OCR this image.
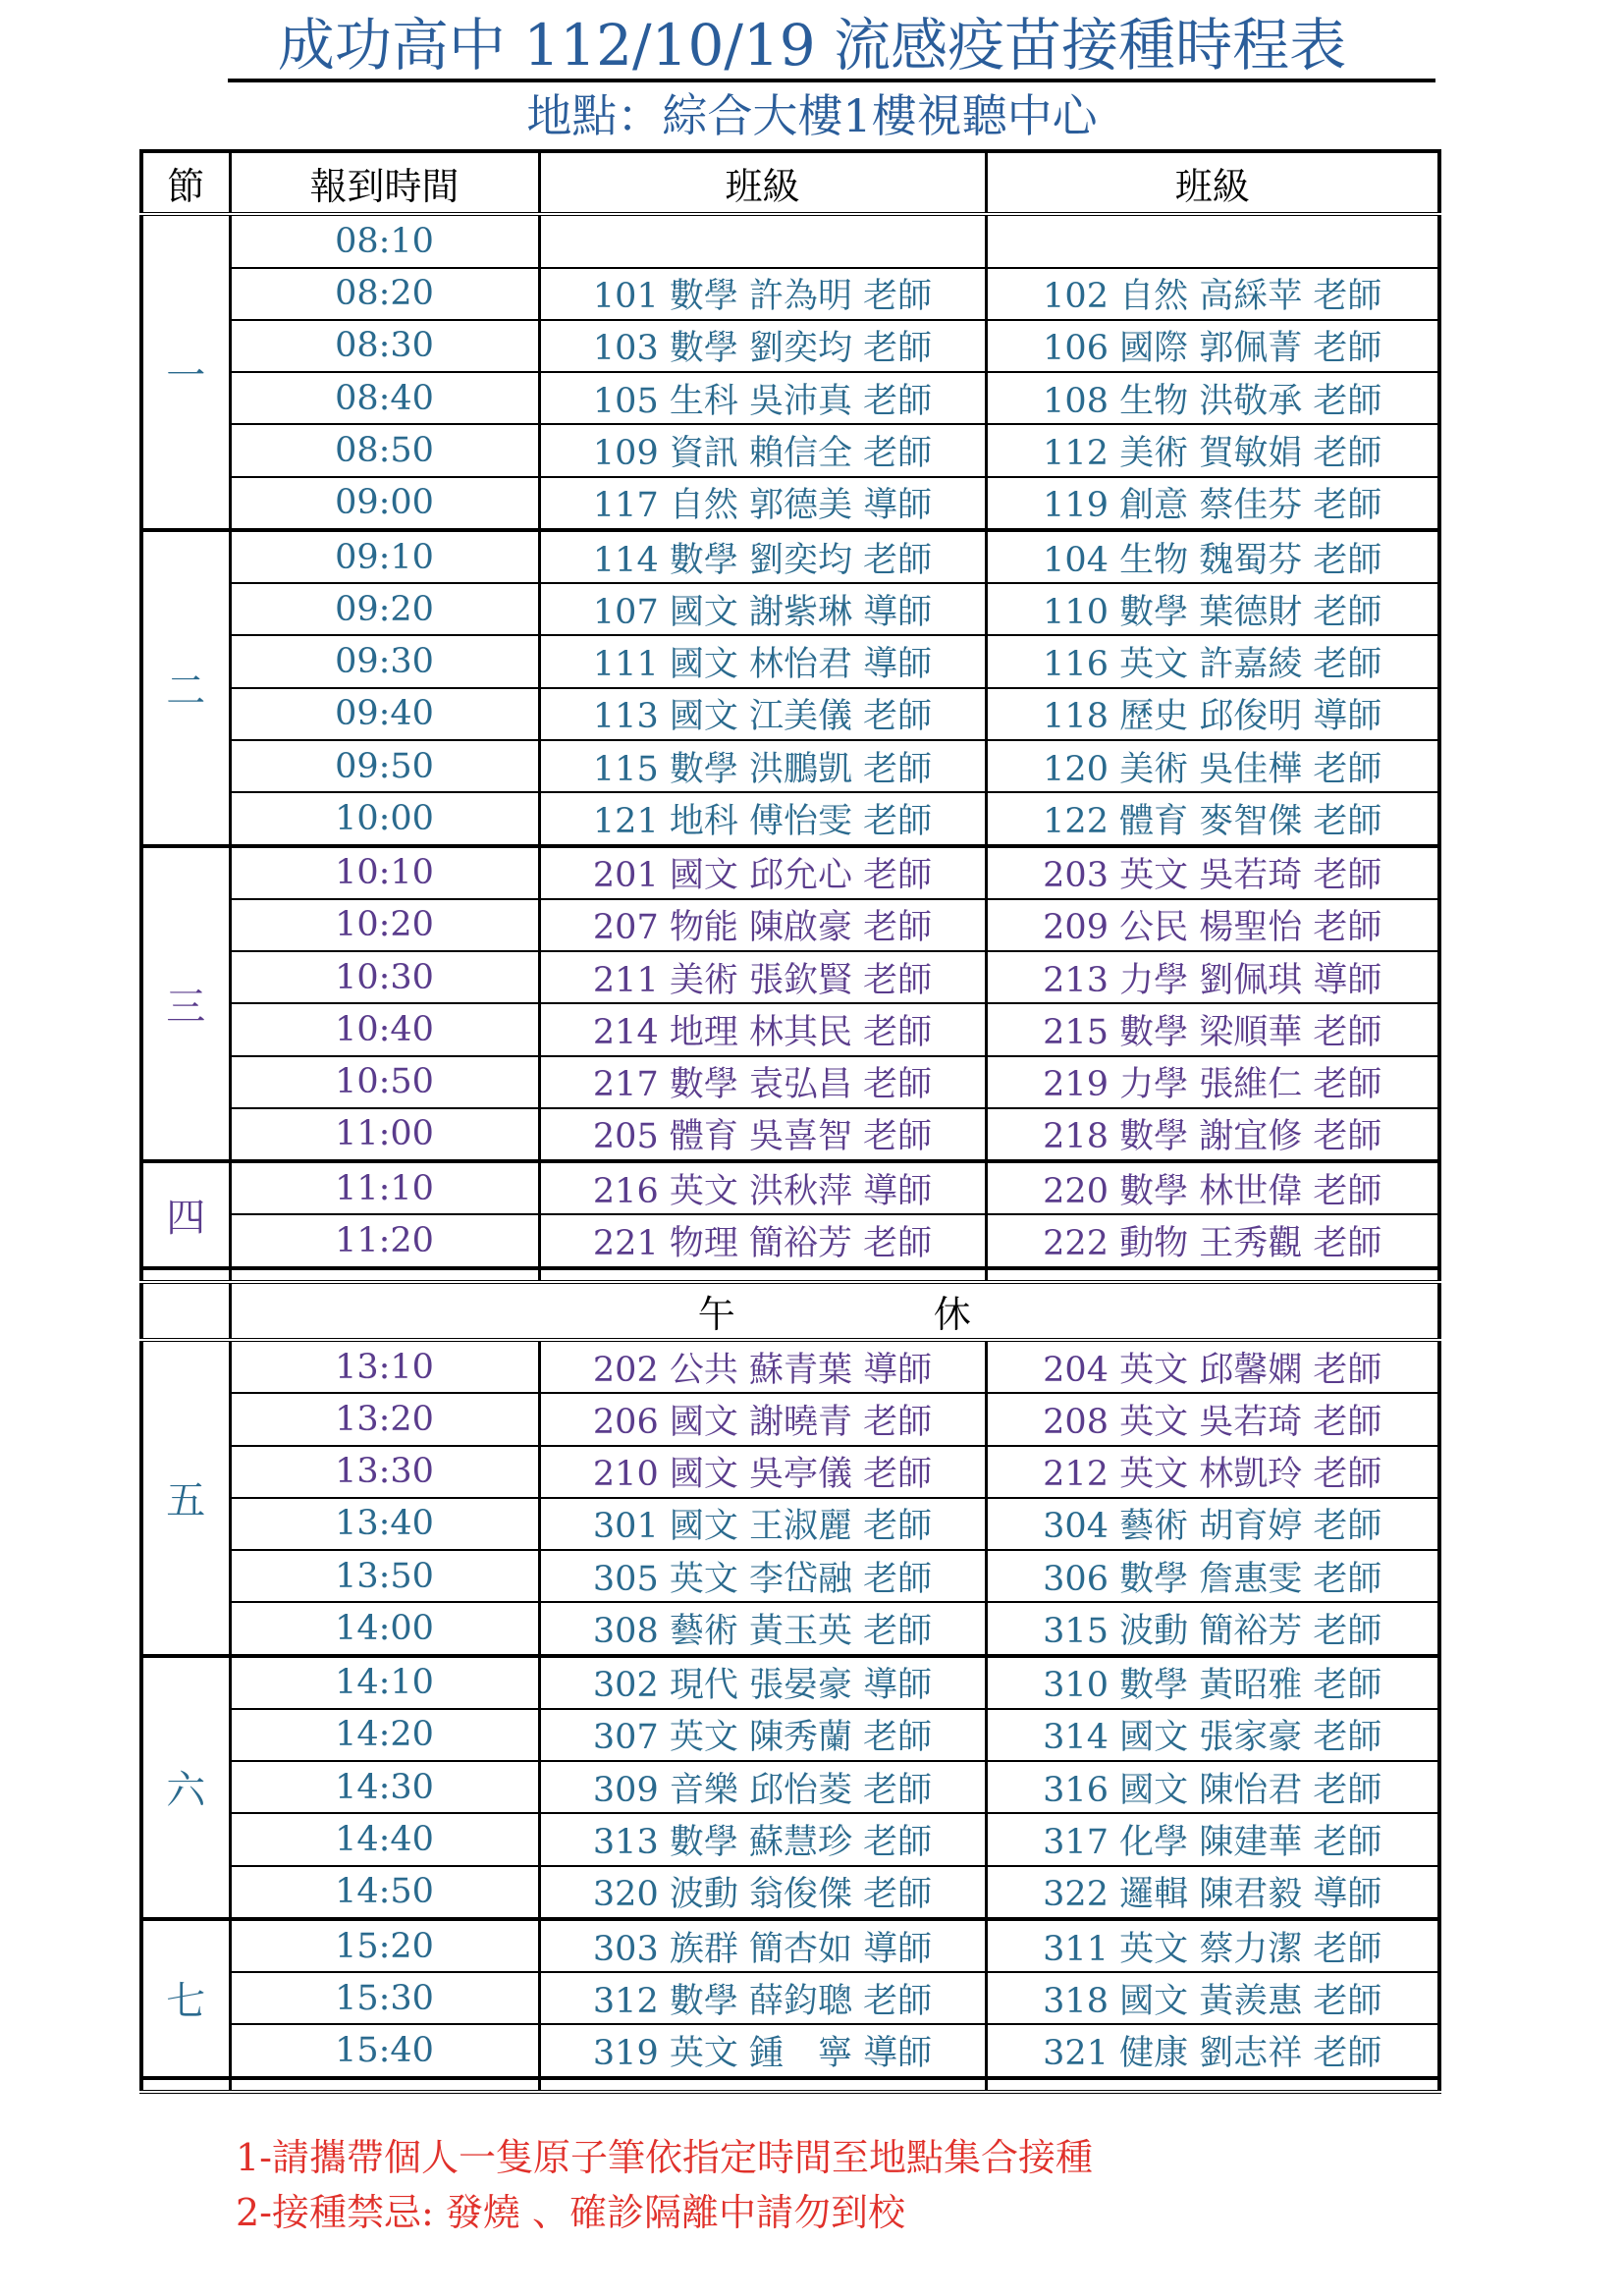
成功高中 112/10/19 流感疫苗接種時程表
地點：綜合大樓1樓視聽中心
節	報到時間	班級	班級
一	08:10		
	08:20	101 數學 許為明 老師	102 自然 高綵苹 老師
	08:30	103 數學 劉奕均 老師	106 國際 郭佩菁 老師
	08:40	105 生科 吳沛真 老師	108 生物 洪敬承 老師
	08:50	109 資訊 賴信全 老師	112 美術 賀敏娟 老師
	09:00	117 自然 郭德美 導師	119 創意 蔡佳芬 老師
二	09:10	114 數學 劉奕均 老師	104 生物 魏蜀芬 老師
	09:20	107 國文 謝紫琳 導師	110 數學 葉德財 老師
	09:30	111 國文 林怡君 導師	116 英文 許嘉綾 老師
	09:40	113 國文 江美儀 老師	118 歷史 邱俊明 導師
	09:50	115 數學 洪鵬凱 老師	120 美術 吳佳樺 老師
	10:00	121 地科 傅怡雯 老師	122 體育 麥智傑 老師
三	10:10	201 國文 邱允心 老師	203 英文 吳若琦 老師
	10:20	207 物能 陳啟豪 老師	209 公民 楊聖怡 老師
	10:30	211 美術 張欽賢 老師	213 力學 劉佩琪 導師
	10:40	214 地理 林其民 老師	215 數學 梁順華 老師
	10:50	217 數學 袁弘昌 老師	219 力學 張維仁 老師
	11:00	205 體育 吳喜智 老師	218 數學 謝宜修 老師
四	11:10	216 英文 洪秋萍 導師	220 數學 林世偉 老師
	11:20	221 物理 簡裕芳 老師	222 動物 王秀觀 老師

	午 休		
五	13:10	202 公共 蘇青葉 導師	204 英文 邱馨嫻 老師
	13:20	206 國文 謝曉青 老師	208 英文 吳若琦 老師
	13:30	210 國文 吳亭儀 老師	212 英文 林凱玲 老師
	13:40	301 國文 王淑麗 老師	304 藝術 胡育婷 老師
	13:50	305 英文 李岱融 老師	306 數學 詹惠雯 老師
	14:00	308 藝術 黃玉英 老師	315 波動 簡裕芳 老師
六	14:10	302 現代 張晏豪 導師	310 數學 黃昭雅 老師
	14:20	307 英文 陳秀蘭 老師	314 國文 張家豪 老師
	14:30	309 音樂 邱怡菱 老師	316 國文 陳怡君 老師
	14:40	313 數學 蘇慧珍 老師	317 化學 陳建華 老師
	14:50	320 波動 翁俊傑 老師	322 邏輯 陳君毅 導師
七	15:20	303 族群 簡杏如 導師	311 英文 蔡力潔 老師
	15:30	312 數學 薛鈞聰 老師	318 國文 黃羨惠 老師
	15:40	319 英文 鍾　寧 導師	321 健康 劉志祥 老師

1-請攜帶個人一隻原子筆依指定時間至地點集合接種
2-接種禁忌: 發燒 、確診隔離中請勿到校
